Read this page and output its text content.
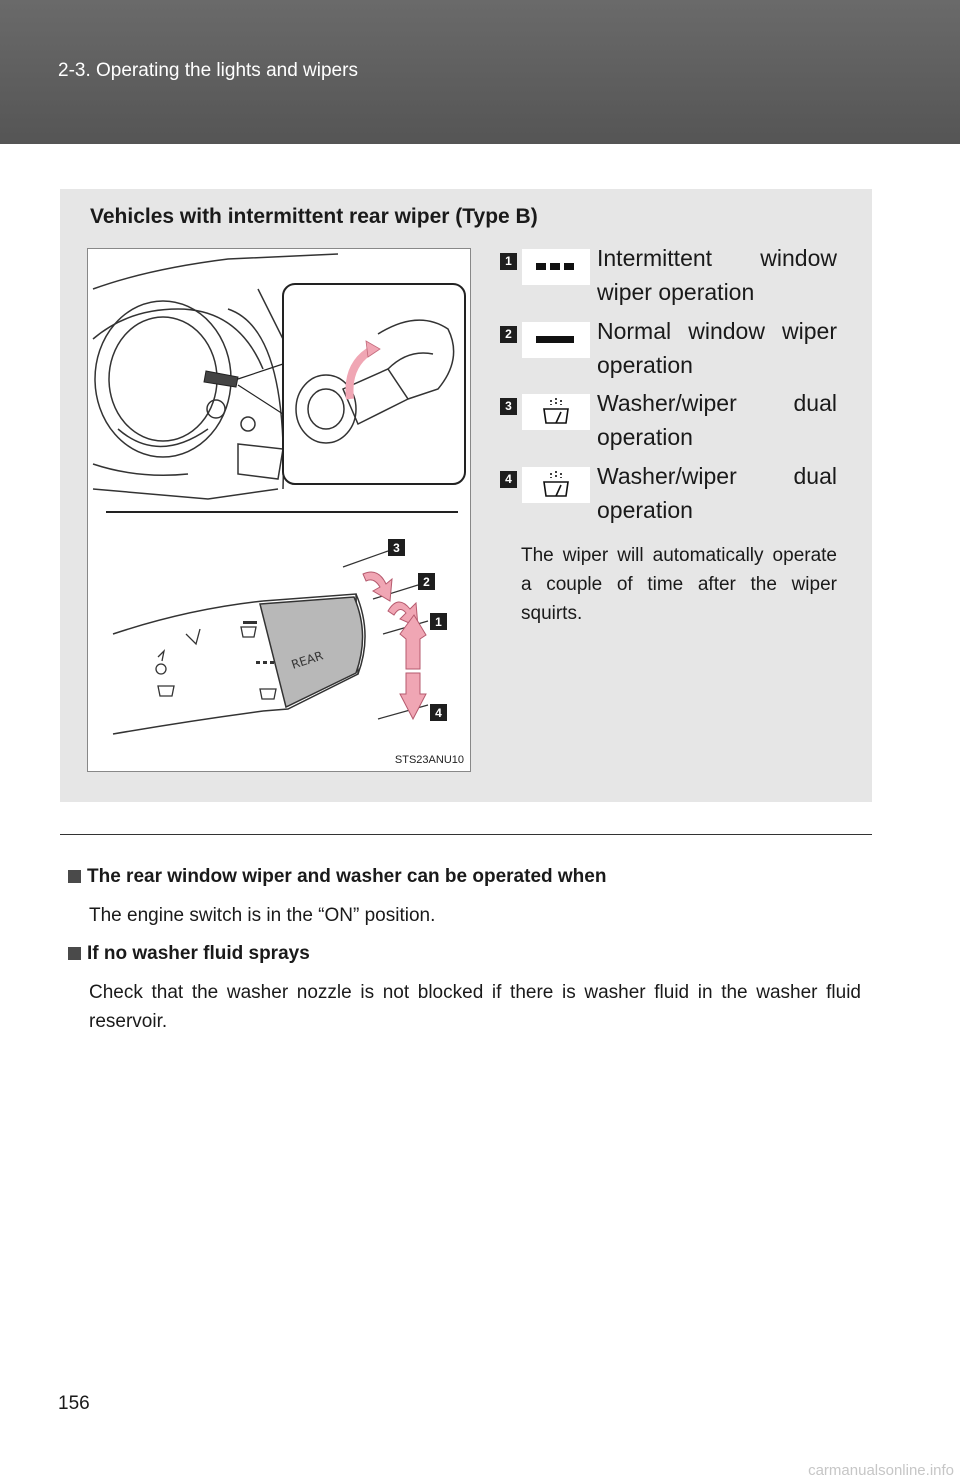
2-3. Operating the lights and wipers
Vehicles with intermittent rear wiper (Type B)
REAR
3
2
1
4
STS23ANU10
1	Intermittent window wiper operation
2	Normal window wiper operation
3	Washer/wiper dual operation
4	Washer/wiper dual operation
The wiper will automatically operate a couple of time after the wiper squirts.
The rear window wiper and washer can be operated when
The engine switch is in the “ON” position.
If no washer fluid sprays
Check that the washer nozzle is not blocked if there is washer fluid in the washer fluid reservoir.
156
carmanualsonline.info
